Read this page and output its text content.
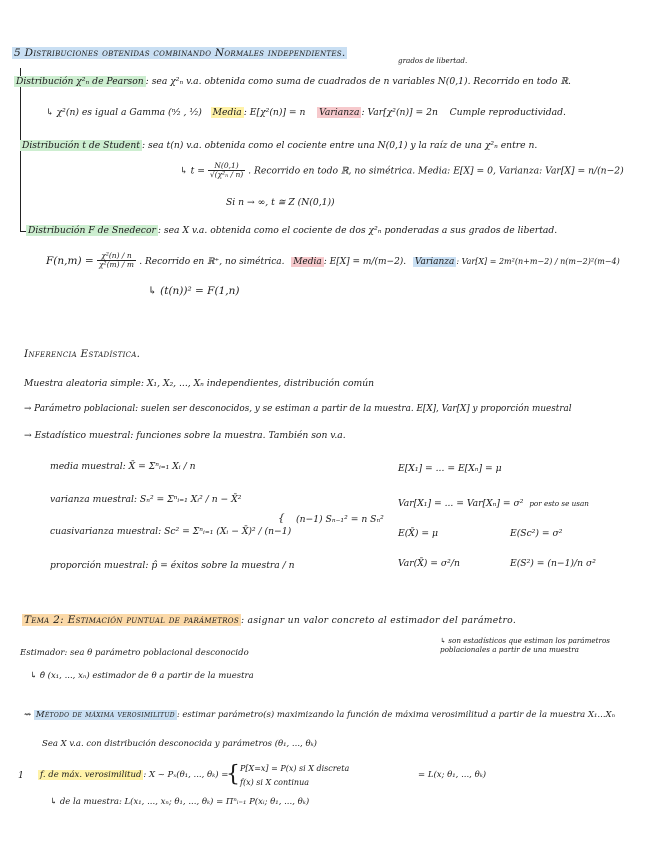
5 Distribuciones obtenidas combinando Normales independientes.
grados de libertad.
Distribución χ²ₙ de Pearson : sea χ²ₙ v.a. obtenida como suma de cuadrados de n variables N(0,1). Recorrido en todo ℝ.
↳ χ²(n) es igual a Gamma (ⁿ⁄₂ , ¹⁄₂) Media : E[χ²(n)] = n Varianza : Var[χ²(n)] = 2n Cumple reproductividad.
Distribución t de Student : sea t(n) v.a. obtenida como el cociente entre una N(0,1) y la raíz de una χ²ₙ entre n.
↳ $t = \frac{N(0,1)}{\text{√(χ²ₙ / n)}}$ . Recorrido en todo ℝ, no simétrica. Media: E[X] = 0, Varianza: Var[X] = n/(n−2)
Si n → ∞, t ≅ Z (N(0,1))
Distribución F de Snedecor : sea X v.a. obtenida como el cociente de dos χ²ₙ ponderadas a sus grados de libertad.
$F(n,m) = \frac{\text{χ²(n) / n}}{\text{χ²(m) / m}}$ . Recorrido en ℝ⁺, no simétrica. Media : E[X] = m/(m−2). Varianza : Var[X] = 2m²(n+m−2) / n(m−2)²(m−4)
↳ (t(n))² = F(1,n)
Inferencia Estadística.
Muestra aleatoria simple: X₁, X₂, ..., Xₙ independientes, distribución común
→ Parámetro poblacional: suelen ser desconocidos, y se estiman a partir de la muestra. E[X], Var[X] y proporción muestral
→ Estadístico muestral: funciones sobre la muestra. También son v.a.
media muestral: X̄ = Σⁿᵢ₌₁ Xᵢ / n
varianza muestral: Sₙ² = Σⁿᵢ₌₁ Xᵢ² / n − X̄²
cuasivarianza muestral: Sc² = Σⁿᵢ₌₁ (Xᵢ − X̄)² / (n−1)
{ (n−1) Sₙ₋₁² = n Sₙ²
proporción muestral: p̂ = éxitos sobre la muestra / n
E[X₁] = ... = E[Xₙ] = μ
Var[X₁] = ... = Var[Xₙ] = σ² por esto se usan
E(X̄) = μ	E(Sc²) = σ²
Var(X̄) = σ²/n	E(S²) = (n−1)/n σ²
Tema 2: Estimación puntual de parámetros : asignar un valor concreto al estimador del parámetro.
↳ son estadísticos que estiman los parámetros poblacionales a partir de una muestra
Estimador: sea θ parámetro poblacional desconocido
↳ θ̂ (x₁, ..., xₙ) estimador de θ a partir de la muestra
⇝ Método de máxima verosimilitud : estimar parámetro(s) maximizando la función de máxima verosimilitud a partir de la muestra X₁...Xₙ
Sea X v.a. con distribución desconocida y parámetros (θ₁, ..., θₖ)
1 f. de máx. verosimilitud : X ~ Pₓ(θ₁, ..., θₖ) =
{ P[X=x] = P(x) si X discreta
f(x) si X continua
= L(x; θ₁, ..., θₖ)
↳ de la muestra: L(x₁, ..., xₙ; θ₁, ..., θₖ) = Πⁿᵢ₌₁ P(xᵢ; θ₁, ..., θₖ)
